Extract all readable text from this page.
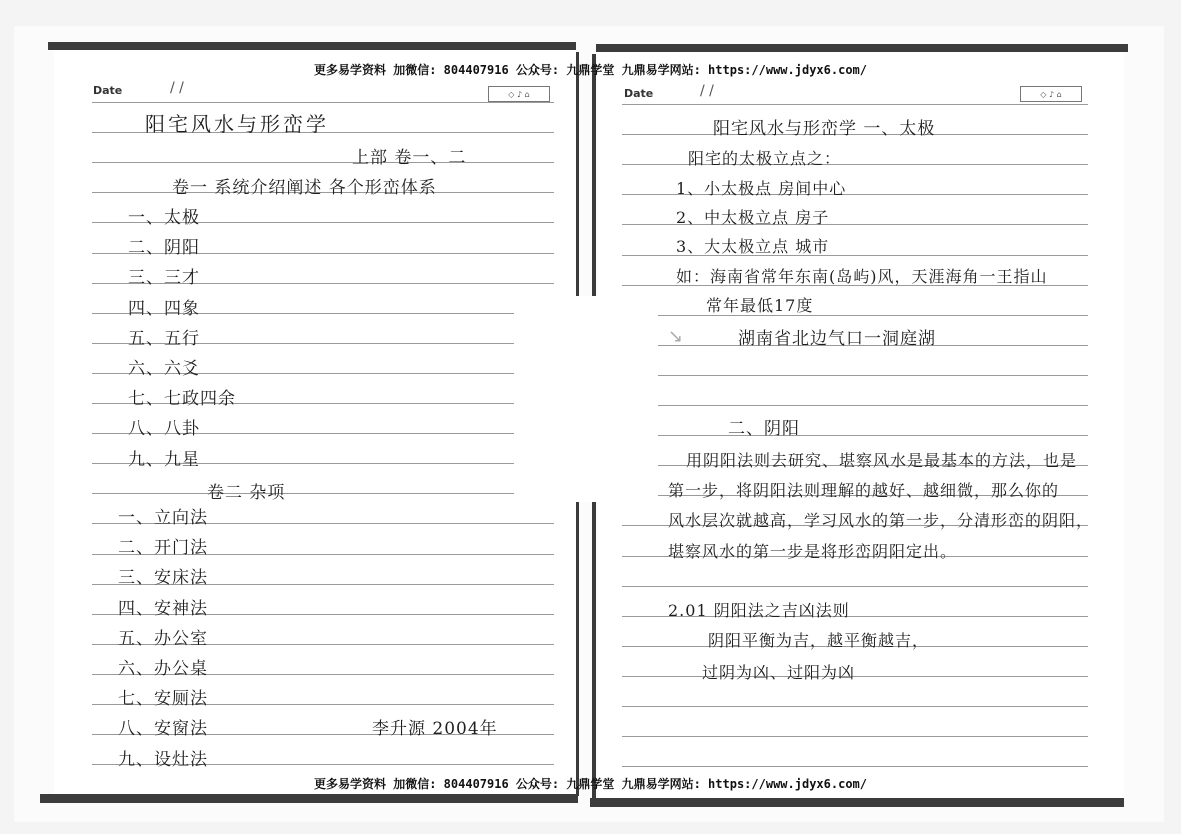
Date	/ /	◇ ♪ ⌂	Date	/ /	◇ ♪ ⌂
更多易学资料 加微信: 804407916 公众号: 九鼎学堂 九鼎易学网站: https://www.jdyx6.com/
更多易学资料 加微信: 804407916 公众号: 九鼎学堂 九鼎易学网站: https://www.jdyx6.com/
阳宅风水与形峦学
上部 卷一、二
卷一 系统介绍阐述 各个形峦体系
一、太极
二、阴阳
三、三才
四、四象
五、五行
六、六爻
七、七政四余
八、八卦
九、九星
卷二 杂项
一、立向法
二、开门法
三、安床法
四、安神法
五、办公室
六、办公桌
七、安厕法
八、安窗法
九、设灶法
李升源 2004年
阳宅风水与形峦学 一、太极
阳宅的太极立点之：
1、小太极点 房间中心
2、中太极立点 房子
3、大太极立点 城市
如：海南省常年东南(岛屿)风，天涯海角一王指山
常年最低17度
湖南省北边气口一洞庭湖
↘
二、阴阳
用阴阳法则去研究、堪察风水是最基本的方法，也是
第一步，将阴阳法则理解的越好、越细微，那么你的
风水层次就越高，学习风水的第一步，分清形峦的阴阳，
堪察风水的第一步是将形峦阴阳定出。
2.01 阴阳法之吉凶法则
阴阳平衡为吉，越平衡越吉，
过阴为凶、过阳为凶
